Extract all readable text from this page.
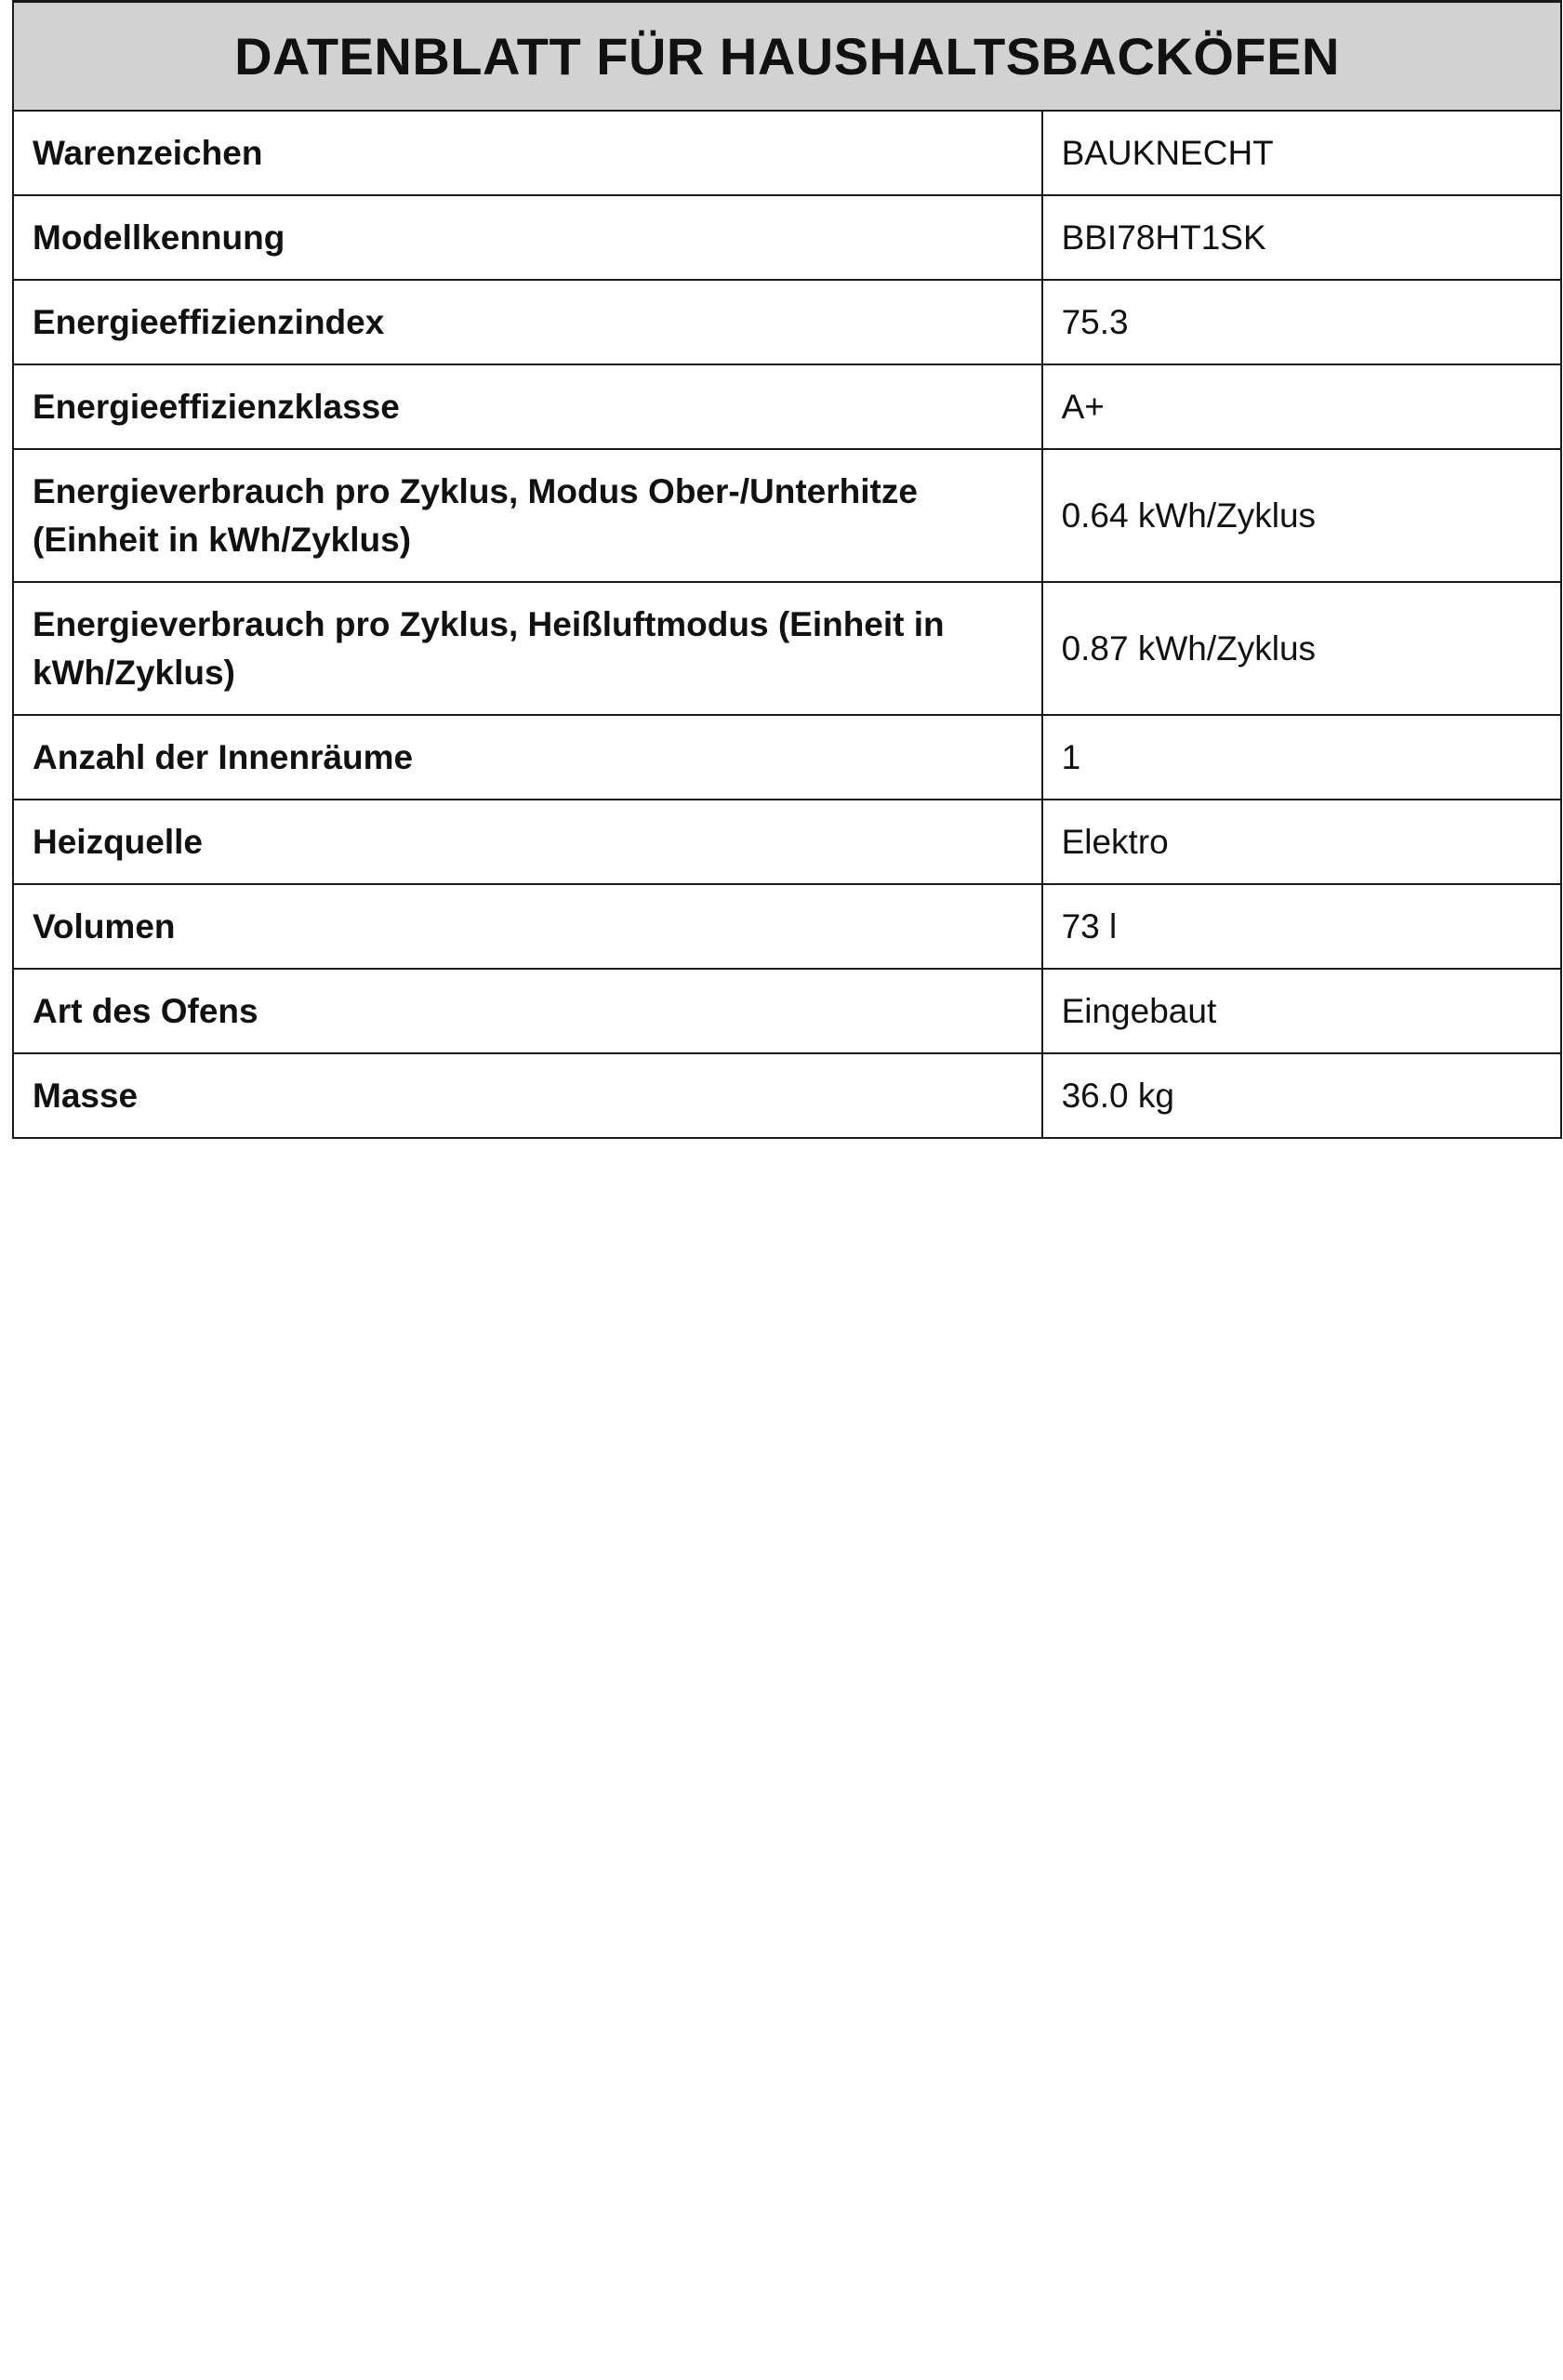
DATENBLATT FÜR HAUSHALTSBACKÖFEN	
Warenzeichen	BAUKNECHT
Modellkennung	BBI78HT1SK
Energieeffizienzindex	75.3
Energieeffizienzklasse	A+
Energieverbrauch pro Zyklus, Modus Ober-/Unterhitze (Einheit in kWh/Zyklus)	0.64 kWh/Zyklus
Energieverbrauch pro Zyklus, Heißluftmodus (Einheit in kWh/Zyklus)	0.87 kWh/Zyklus
Anzahl der Innenräume	1
Heizquelle	Elektro
Volumen	73 l
Art des Ofens	Eingebaut
Masse	36.0 kg
